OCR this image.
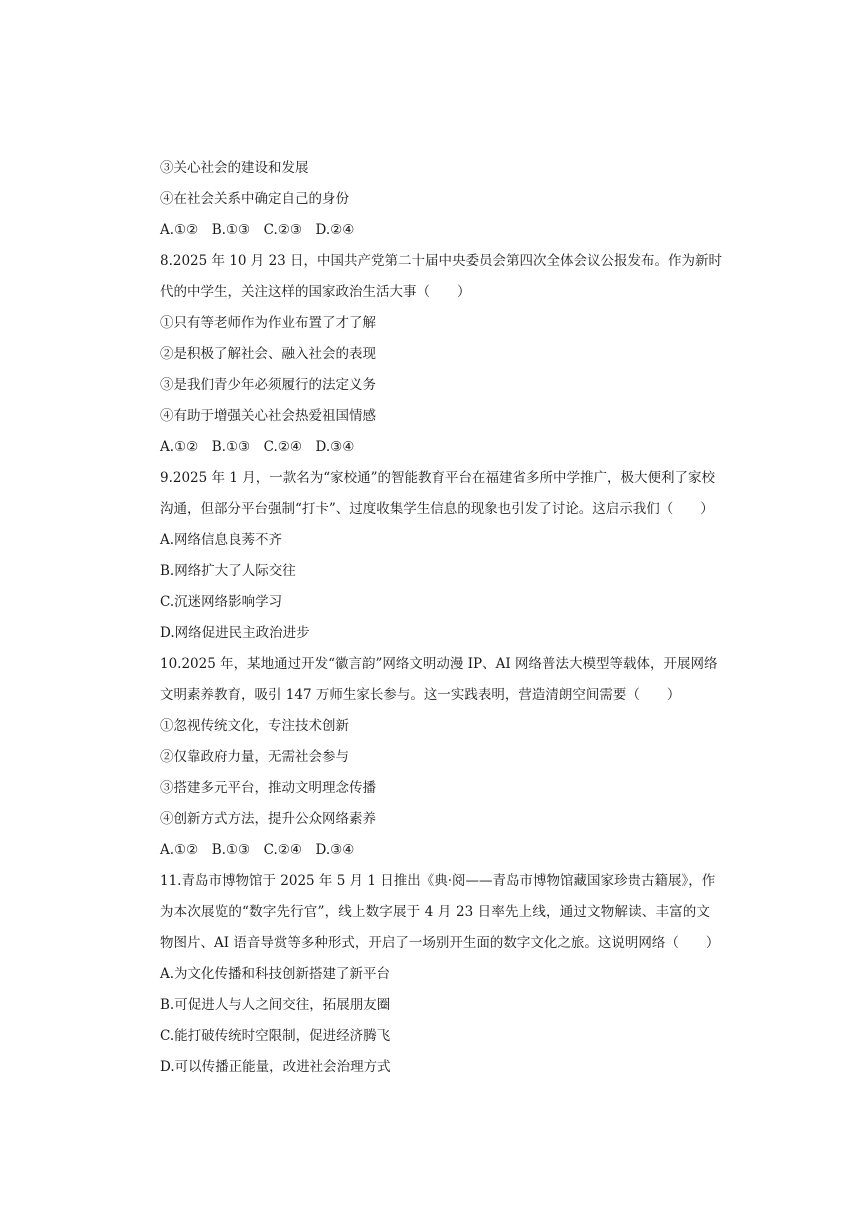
③关心社会的建设和发展
④在社会关系中确定自己的身份
A.①②　B.①③　C.②③　D.②④
8.2025 年 10 月 23 日，中国共产党第二十届中央委员会第四次全体会议公报发布。作为新时
代的中学生，关注这样的国家政治生活大事（　　）
①只有等老师作为作业布置了才了解
②是积极了解社会、融入社会的表现
③是我们青少年必须履行的法定义务
④有助于增强关心社会热爱祖国情感
A.①②　B.①③　C.②④　D.③④
9.2025 年 1 月，一款名为“家校通”的智能教育平台在福建省多所中学推广，极大便利了家校
沟通，但部分平台强制“打卡”、过度收集学生信息的现象也引发了讨论。这启示我们（　　）
A.网络信息良莠不齐
B.网络扩大了人际交往
C.沉迷网络影响学习
D.网络促进民主政治进步
10.2025 年，某地通过开发“徽言韵”网络文明动漫 IP、AI 网络普法大模型等载体，开展网络
文明素养教育，吸引 147 万师生家长参与。这一实践表明，营造清朗空间需要（　　）
①忽视传统文化，专注技术创新
②仅靠政府力量，无需社会参与
③搭建多元平台，推动文明理念传播
④创新方式方法，提升公众网络素养
A.①②　B.①③　C.②④　D.③④
11.青岛市博物馆于 2025 年 5 月 1 日推出《典·阅——青岛市博物馆藏国家珍贵古籍展》，作
为本次展览的“数字先行官”，线上数字展于 4 月 23 日率先上线，通过文物解读、丰富的文
物图片、AI 语音导赏等多种形式，开启了一场别开生面的数字文化之旅。这说明网络（　　）
A.为文化传播和科技创新搭建了新平台
B.可促进人与人之间交往，拓展朋友圈
C.能打破传统时空限制，促进经济腾飞
D.可以传播正能量，改进社会治理方式
